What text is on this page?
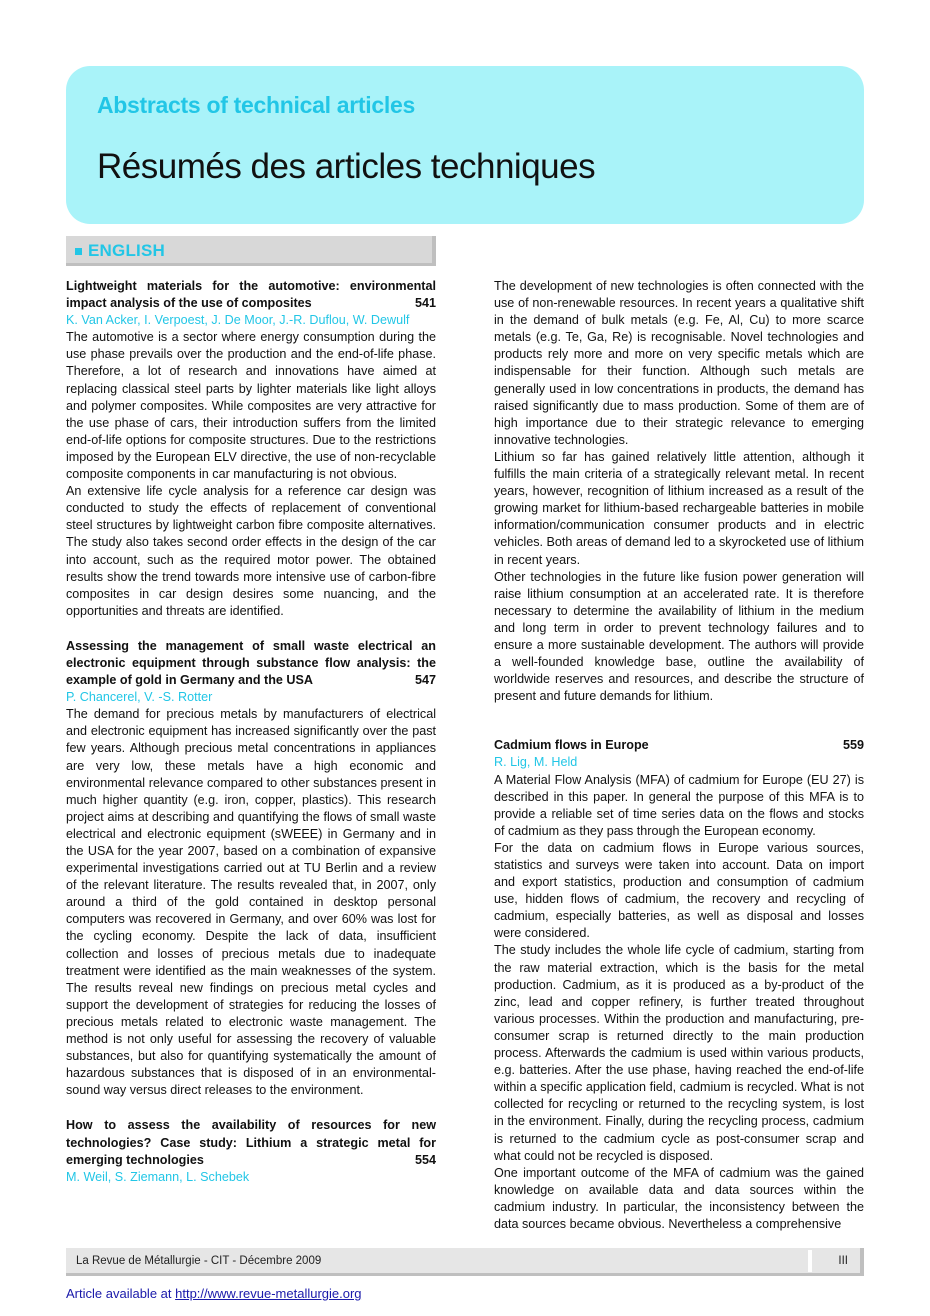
Abstracts of technical articles
Résumés des articles techniques
ENGLISH

Lightweight materials for the automotive: environmental impact analysis of the use of composites	541

K. Van Acker, I. Verpoest, J. De Moor, J.-R. Duflou, W. Dewulf

The automotive is a sector where energy consumption during the use phase prevails over the production and the end-of-life phase. Therefore, a lot of research and innovations have aimed at replacing classical steel parts by lighter materials like light alloys and polymer composites. While composites are very attractive for the use phase of cars, their introduction suffers from the limited end-of-life options for composite structures. Due to the restrictions imposed by the European ELV directive, the use of non-recyclable composite components in car manufacturing is not obvious.

An extensive life cycle analysis for a reference car design was conducted to study the effects of replacement of conventional steel structures by lightweight carbon fibre composite alternatives. The study also takes second order effects in the design of the car into account, such as the required motor power. The obtained results show the trend towards more intensive use of carbon-fibre composites in car design desires some nuancing, and the opportunities and threats are identified.

Assessing the management of small waste electrical an electronic equipment through substance flow analysis: the example of gold in Germany and the USA	547

P. Chancerel, V. -S. Rotter

The demand for precious metals by manufacturers of electrical and electronic equipment has increased significantly over the past few years. Although precious metal concentrations in appliances are very low, these metals have a high economic and environmental relevance compared to other substances present in much higher quantity (e.g. iron, copper, plastics). This research project aims at describing and quantifying the flows of small waste electrical and electronic equipment (sWEEE) in Germany and in the USA for the year 2007, based on a combination of expansive experimental investigations carried out at TU Berlin and a review of the relevant literature. The results revealed that, in 2007, only around a third of the gold contained in desktop personal computers was recovered in Germany, and over 60% was lost for the cycling economy. Despite the lack of data, insufficient collection and losses of precious metals due to inadequate treatment were identified as the main weaknesses of the system. The results reveal new findings on precious metal cycles and support the development of strategies for reducing the losses of precious metals related to electronic waste management. The method is not only useful for assessing the recovery of valuable substances, but also for quantifying systematically the amount of hazardous substances that is disposed of in an environmental-sound way versus direct releases to the environment.

How to assess the availability of resources for new technologies? Case study: Lithium a strategic metal for emerging technologies	554

M. Weil, S. Ziemann, L. Schebek

The development of new technologies is often connected with the use of non-renewable resources. In recent years a qualitative shift in the demand of bulk metals (e.g. Fe, Al, Cu) to more scarce metals (e.g. Te, Ga, Re) is recognisable. Novel technologies and products rely more and more on very specific metals which are indispensable for their function. Although such metals are generally used in low concentrations in products, the demand has raised significantly due to mass production. Some of them are of high importance due to their strategic relevance to emerging innovative technologies.

Lithium so far has gained relatively little attention, although it fulfills the main criteria of a strategically relevant metal. In recent years, however, recognition of lithium increased as a result of the growing market for lithium-based rechargeable batteries in mobile information/communication consumer products and in electric vehicles. Both areas of demand led to a skyrocketed use of lithium in recent years.

Other technologies in the future like fusion power generation will raise lithium consumption at an accelerated rate. It is therefore necessary to determine the availability of lithium in the medium and long term in order to prevent technology failures and to ensure a more sustainable development. The authors will provide a well-founded knowledge base, outline the availability of worldwide reserves and resources, and describe the structure of present and future demands for lithium.

Cadmium flows in Europe	559

R. Lig, M. Held

A Material Flow Analysis (MFA) of cadmium for Europe (EU 27) is described in this paper. In general the purpose of this MFA is to provide a reliable set of time series data on the flows and stocks of cadmium as they pass through the European economy.

For the data on cadmium flows in Europe various sources, statistics and surveys were taken into account. Data on import and export statistics, production and consumption of cadmium use, hidden flows of cadmium, the recovery and recycling of cadmium, especially batteries, as well as disposal and losses were considered.

The study includes the whole life cycle of cadmium, starting from the raw material extraction, which is the basis for the metal production. Cadmium, as it is produced as a by-product of the zinc, lead and copper refinery, is further treated throughout various processes. Within the production and manufacturing, pre-consumer scrap is returned directly to the main production process. Afterwards the cadmium is used within various products, e.g. batteries. After the use phase, having reached the end-of-life within a specific application field, cadmium is recycled. What is not collected for recycling or returned to the recycling system, is lost in the environment. Finally, during the recycling process, cadmium is returned to the cadmium cycle as post-consumer scrap and what could not be recycled is disposed.

One important outcome of the MFA of cadmium was the gained knowledge on available data and data sources within the cadmium industry. In particular, the inconsistency between the data sources became obvious. Nevertheless a comprehensive

La Revue de Métallurgie - CIT - Décembre 2009	III
Article available at http://www.revue-metallurgie.org
